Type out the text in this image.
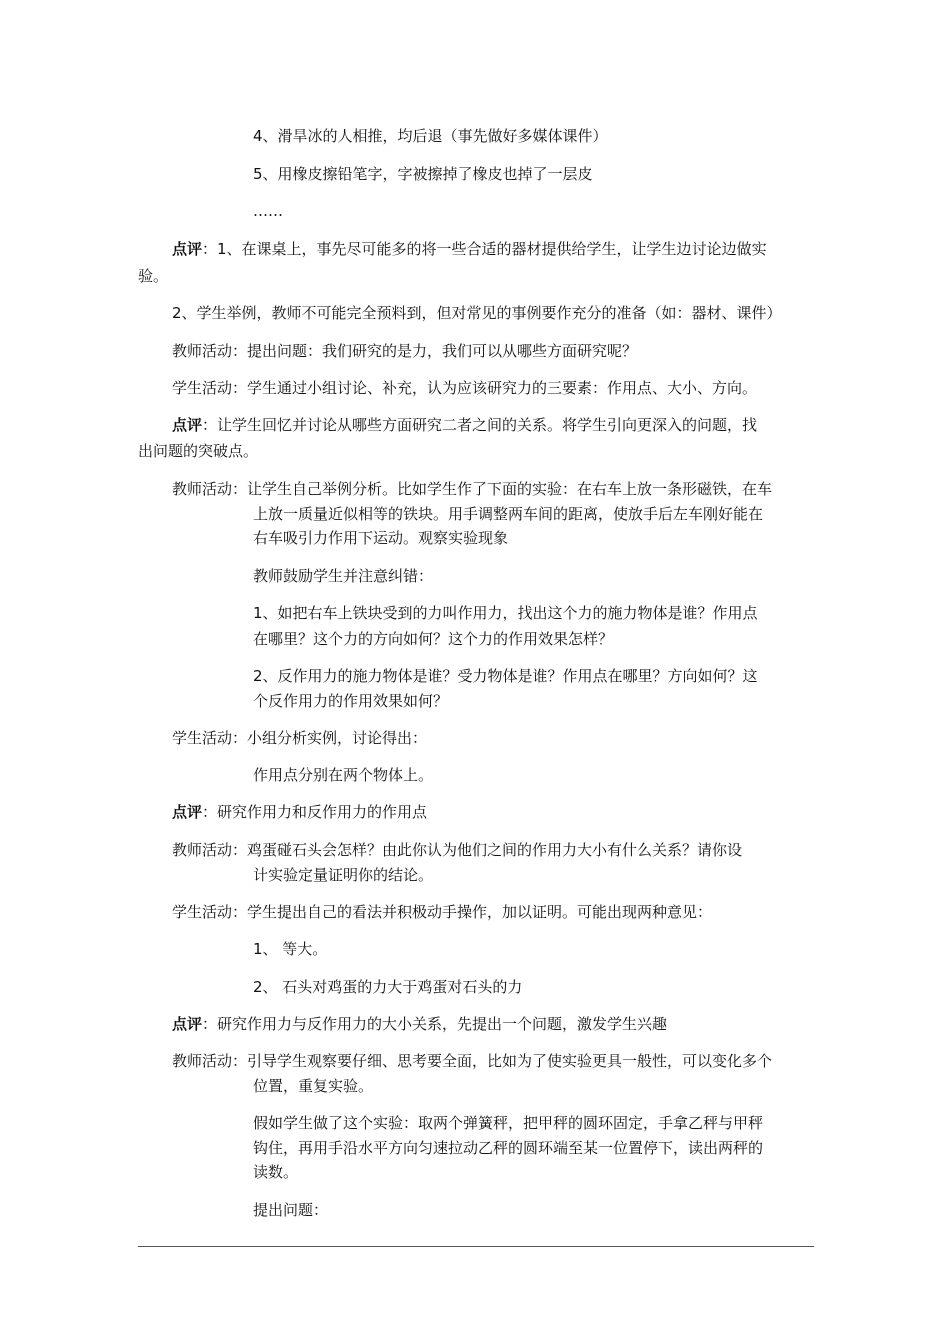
4、滑旱冰的人相推，均后退（事先做好多媒体课件）
5、用橡皮擦铅笔字，字被擦掉了橡皮也掉了一层皮
……
点评：1、在课桌上，事先尽可能多的将一些合适的器材提供给学生，让学生边讨论边做实
验。
2、学生举例，教师不可能完全预料到，但对常见的事例要作充分的准备（如：器材、课件）
教师活动：提出问题：我们研究的是力，我们可以从哪些方面研究呢？
学生活动：学生通过小组讨论、补充，认为应该研究力的三要素：作用点、大小、方向。
点评：让学生回忆并讨论从哪些方面研究二者之间的关系。将学生引向更深入的问题，找
出问题的突破点。
教师活动：让学生自己举例分析。比如学生作了下面的实验：在右车上放一条形磁铁，在车
上放一质量近似相等的铁块。用手调整两车间的距离，使放手后左车刚好能在
右车吸引力作用下运动。观察实验现象
教师鼓励学生并注意纠错：
1、如把右车上铁块受到的力叫作用力，找出这个力的施力物体是谁？作用点
在哪里？这个力的方向如何？这个力的作用效果怎样？
2、反作用力的施力物体是谁？受力物体是谁？作用点在哪里？方向如何？这
个反作用力的作用效果如何？
学生活动：小组分析实例，讨论得出：
作用点分别在两个物体上。
点评：研究作用力和反作用力的作用点
教师活动：鸡蛋碰石头会怎样？由此你认为他们之间的作用力大小有什么关系？请你设
计实验定量证明你的结论。
学生活动：学生提出自己的看法并积极动手操作，加以证明。可能出现两种意见：
1、 等大。
2、 石头对鸡蛋的力大于鸡蛋对石头的力
点评：研究作用力与反作用力的大小关系，先提出一个问题，激发学生兴趣
教师活动：引导学生观察要仔细、思考要全面，比如为了使实验更具一般性，可以变化多个
位置，重复实验。
假如学生做了这个实验：取两个弹簧秤，把甲秤的圆环固定，手拿乙秤与甲秤
钩住，再用手沿水平方向匀速拉动乙秤的圆环端至某一位置停下，读出两秤的
读数。
提出问题：
